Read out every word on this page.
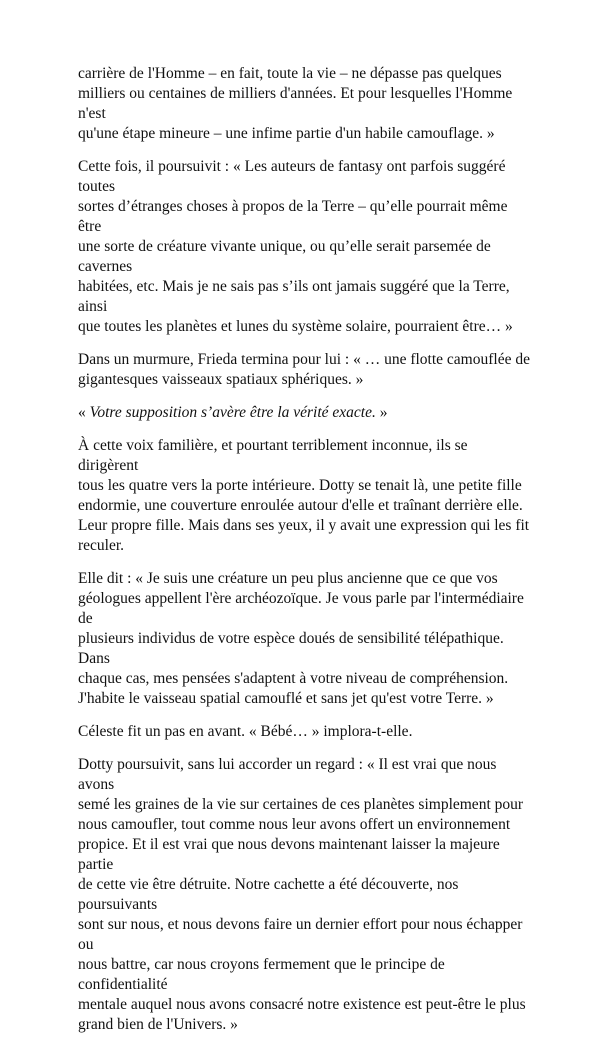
carrière de l'Homme – en fait, toute la vie – ne dépasse pas quelques
milliers ou centaines de milliers d'années. Et pour lesquelles l'Homme n'est
qu'une étape mineure – une infime partie d'un habile camouflage. »

Cette fois, il poursuivit : « Les auteurs de fantasy ont parfois suggéré toutes
sortes d’étranges choses à propos de la Terre – qu’elle pourrait même être
une sorte de créature vivante unique, ou qu’elle serait parsemée de cavernes
habitées, etc. Mais je ne sais pas s’ils ont jamais suggéré que la Terre, ainsi
que toutes les planètes et lunes du système solaire, pourraient être… »

Dans un murmure, Frieda termina pour lui : « … une flotte camouflée de
gigantesques vaisseaux spatiaux sphériques. »

« Votre supposition s’avère être la vérité exacte. »

À cette voix familière, et pourtant terriblement inconnue, ils se dirigèrent
tous les quatre vers la porte intérieure. Dotty se tenait là, une petite fille
endormie, une couverture enroulée autour d'elle et traînant derrière elle.
Leur propre fille. Mais dans ses yeux, il y avait une expression qui les fit
reculer.

Elle dit : « Je suis une créature un peu plus ancienne que ce que vos
géologues appellent l'ère archéozoïque. Je vous parle par l'intermédiaire de
plusieurs individus de votre espèce doués de sensibilité télépathique. Dans
chaque cas, mes pensées s'adaptent à votre niveau de compréhension.
J'habite le vaisseau spatial camouflé et sans jet qu'est votre Terre. »

Céleste fit un pas en avant. « Bébé… » implora-t-elle.

Dotty poursuivit, sans lui accorder un regard : « Il est vrai que nous avons
semé les graines de la vie sur certaines de ces planètes simplement pour
nous camoufler, tout comme nous leur avons offert un environnement
propice. Et il est vrai que nous devons maintenant laisser la majeure partie
de cette vie être détruite. Notre cachette a été découverte, nos poursuivants
sont sur nous, et nous devons faire un dernier effort pour nous échapper ou
nous battre, car nous croyons fermement que le principe de confidentialité
mentale auquel nous avons consacré notre existence est peut-être le plus
grand bien de l'Univers. »
